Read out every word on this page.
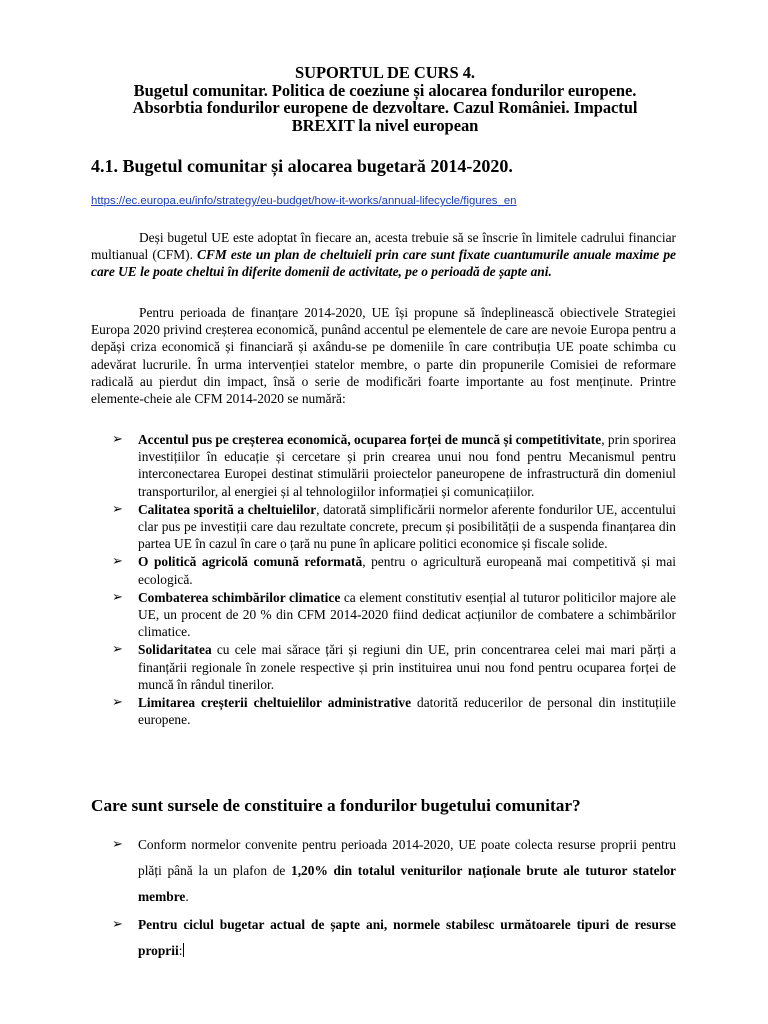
SUPORTUL DE CURS 4.
Bugetul comunitar. Politica de coeziune și alocarea fondurilor europene.
Absorbtia fondurilor europene de dezvoltare. Cazul României. Impactul
BREXIT la nivel european
4.1. Bugetul comunitar și alocarea bugetară 2014-2020.
https://ec.europa.eu/info/strategy/eu-budget/how-it-works/annual-lifecycle/figures_en

Deși bugetul UE este adoptat în fiecare an, acesta trebuie să se înscrie în limitele cadrului financiar multianual (CFM). CFM este un plan de cheltuieli prin care sunt fixate cuantumurile anuale maxime pe care UE le poate cheltui în diferite domenii de activitate, pe o perioadă de șapte ani.

Pentru perioada de finanțare 2014-2020, UE își propune să îndeplinească obiectivele Strategiei Europa 2020 privind creșterea economică, punând accentul pe elementele de care are nevoie Europa pentru a depăși criza economică și financiară și axându-se pe domeniile în care contribuția UE poate schimba cu adevărat lucrurile. În urma intervenției statelor membre, o parte din propunerile Comisiei de reformare radicală au pierdut din impact, însă o serie de modificări foarte importante au fost menținute. Printre elemente-cheie ale CFM 2014-2020 se numără:

➢ Accentul pus pe creșterea economică, ocuparea forței de muncă și competitivitate, prin sporirea investițiilor în educație și cercetare și prin crearea unui nou fond pentru Mecanismul pentru interconectarea Europei destinat stimulării proiectelor paneuropene de infrastructură din domeniul transporturilor, al energiei și al tehnologiilor informației și comunicațiilor.
➢ Calitatea sporită a cheltuielilor, datorată simplificării normelor aferente fondurilor UE, accentului clar pus pe investiții care dau rezultate concrete, precum și posibilității de a suspenda finanțarea din partea UE în cazul în care o țară nu pune în aplicare politici economice și fiscale solide.
➢ O politică agricolă comună reformată, pentru o agricultură europeană mai competitivă și mai ecologică.
➢ Combaterea schimbărilor climatice ca element constitutiv esențial al tuturor politicilor majore ale UE, un procent de 20 % din CFM 2014-2020 fiind dedicat acțiunilor de combatere a schimbărilor climatice.
➢ Solidaritatea cu cele mai sărace țări și regiuni din UE, prin concentrarea celei mai mari părți a finanțării regionale în zonele respective și prin instituirea unui nou fond pentru ocuparea forței de muncă în rândul tinerilor.
➢ Limitarea creșterii cheltuielilor administrative datorită reducerilor de personal din instituțiile europene.
Care sunt sursele de constituire a fondurilor bugetului comunitar?
➢ Conform normelor convenite pentru perioada 2014-2020, UE poate colecta resurse proprii pentru plăți până la un plafon de 1,20% din totalul veniturilor naționale brute ale tuturor statelor membre.
➢ Pentru ciclul bugetar actual de șapte ani, normele stabilesc următoarele tipuri de resurse proprii:
